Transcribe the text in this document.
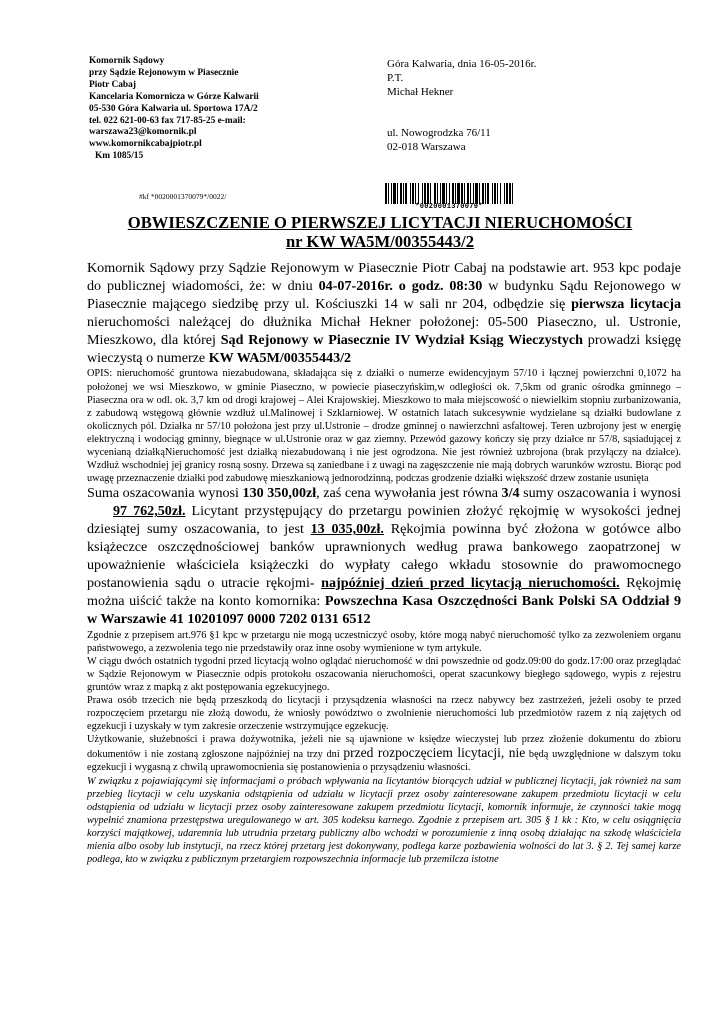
Komornik Sądowy
przy Sądzie Rejonowym w Piasecznie
Piotr Cabaj
Kancelaria Komornicza w Górze Kalwarii
05-530 Góra Kalwaria ul. Sportowa 17A/2
tel. 022 621-00-63 fax 717-85-25 e-mail:
warszawa23@komornik.pl
www.komornikcabajpiotr.pl
Km 1085/15
Góra Kalwaria, dnia 16-05-2016r.
P.T.
Michał Hekner
ul. Nowogrodzka 76/11
02-018 Warszawa
#kf *0020001370079*/0022/
*0020001370079*
OBWIESZCZENIE O PIERWSZEJ LICYTACJI NIERUCHOMOŚCI
nr KW WA5M/00355443/2

Komornik Sądowy przy Sądzie Rejonowym w Piasecznie Piotr Cabaj na podstawie art. 953 kpc podaje do publicznej wiadomości, że: w dniu 04-07-2016r. o godz. 08:30 w budynku Sądu Rejonowego w Piasecznie mającego siedzibę przy ul. Kościuszki 14 w sali nr 204, odbędzie się pierwsza licytacja nieruchomości należącej do dłużnika Michał Hekner położonej: 05-500 Piaseczno, ul. Ustronie, Mieszkowo, dla której Sąd Rejonowy w Piasecznie IV Wydział Ksiąg Wieczystych prowadzi księgę wieczystą o numerze KW WA5M/00355443/2

OPIS: nieruchomość gruntowa niezabudowana, składająca się z działki o numerze ewidencyjnym 57/10 i łącznej powierzchni 0,1072 ha położonej we wsi Mieszkowo, w gminie Piaseczno, w powiecie piaseczyńskim,w odległości ok. 7,5km od granic ośrodka gminnego – Piaseczna ora w odl. ok. 3,7 km od drogi krajowej – Alei Krajowskiej. Mieszkowo to mała miejscowość o niewielkim stopniu zurbanizowania, z zabudową wstęgową głównie wzdłuż ul.Malinowej i Szklarniowej. W ostatnich latach sukcesywnie wydzielane są działki budowlane z okolicznych pól. Działka nr 57/10 położona jest przy ul.Ustronie – drodze gminnej o nawierzchni asfaltowej. Teren uzbrojony jest w energię elektryczną i wodociąg gminny, biegnące w ul.Ustronie oraz w gaz ziemny. Przewód gazowy kończy się przy działce nr 57/8, sąsiadującej z wycenianą działkąNieruchomość jest działką niezabudowaną i nie jest ogrodzona. Nie jest również uzbrojona (brak przyłączy na działce). Wzdłuż wschodniej jej granicy rosną sosny. Drzewa są zaniedbane i z uwagi na zagęszczenie nie mają dobrych warunków wzrostu. Biorąc pod uwagę przeznaczenie działki pod zabudowę mieszkaniową jednorodzinną, podczas grodzenie działki większość drzew zostanie usunięta

Suma oszacowania wynosi 130 350,00zł, zaś cena wywołania jest równa 3/4 sumy oszacowania i wynosi 97 762,50zł. Licytant przystępujący do przetargu powinien złożyć rękojmię w wysokości jednej dziesiątej sumy oszacowania, to jest 13 035,00zł. Rękojmia powinna być złożona w gotówce albo książeczce oszczędnościowej banków uprawnionych według prawa bankowego zaopatrzonej w upoważnienie właściciela książeczki do wypłaty całego wkładu stosownie do prawomocnego postanowienia sądu o utracie rękojmi- najpóźniej dzień przed licytacją nieruchomości. Rękojmię można uiścić także na konto komornika: Powszechna Kasa Oszczędności Bank Polski SA Oddział 9 w Warszawie 41 10201097 0000 7202 0131 6512

Zgodnie z przepisem art.976 §1 kpc w przetargu nie mogą uczestniczyć osoby, które mogą nabyć nieruchomość tylko za zezwoleniem organu państwowego, a zezwolenia tego nie przedstawiły oraz inne osoby wymienione w tym artykule.

W ciągu dwóch ostatnich tygodni przed licytacją wolno oglądać nieruchomość w dni powszednie od godz.09:00 do godz.17:00 oraz przeglądać w Sądzie Rejonowym w Piasecznie odpis protokołu oszacowania nieruchomości, operat szacunkowy biegłego sądowego, wypis z rejestru gruntów wraz z mapką z akt postępowania egzekucyjnego.

Prawa osób trzecich nie będą przeszkodą do licytacji i przysądzenia własności na rzecz nabywcy bez zastrzeżeń, jeżeli osoby te przed rozpoczęciem przetargu nie złożą dowodu, że wniosły powództwo o zwolnienie nieruchomości lub przedmiotów razem z nią zajętych od egzekucji i uzyskały w tym zakresie orzeczenie wstrzymujące egzekucję.

Użytkowanie, służebności i prawa dożywotnika, jeżeli nie są ujawnione w księdze wieczystej lub przez złożenie dokumentu do zbioru dokumentów i nie zostaną zgłoszone najpóźniej na trzy dni przed rozpoczęciem licytacji, nie będą uwzględnione w dalszym toku egzekucji i wygasną z chwilą uprawomocnienia się postanowienia o przysądzeniu własności.

W związku z pojawiającymi się informacjami o próbach wpływania na licytantów biorących udział w publicznej licytacji, jak również na sam przebieg licytacji w celu uzyskania odstąpienia od udziału w licytacji przez osoby zainteresowane zakupem przedmiotu licytacji w celu odstąpienia od udziału w licytacji przez osoby zainteresowane zakupem przedmiotu licytacji, komornik informuje, że czynności takie mogą wypełnić znamiona przestępstwa uregulowanego w art. 305 kodeksu karnego. Zgodnie z przepisem art. 305 § 1 kk : Kto, w celu osiągnięcia korzyści majątkowej, udaremnia lub utrudnia przetarg publiczny albo wchodzi w porozumienie z inną osobą działając na szkodę właściciela mienia albo osoby lub instytucji, na rzecz której przetarg jest dokonywany, podlega karze pozbawienia wolności do lat 3. § 2. Tej samej karze podlega, kto w związku z publicznym przetargiem rozpowszechnia informacje lub przemilcza istotne
